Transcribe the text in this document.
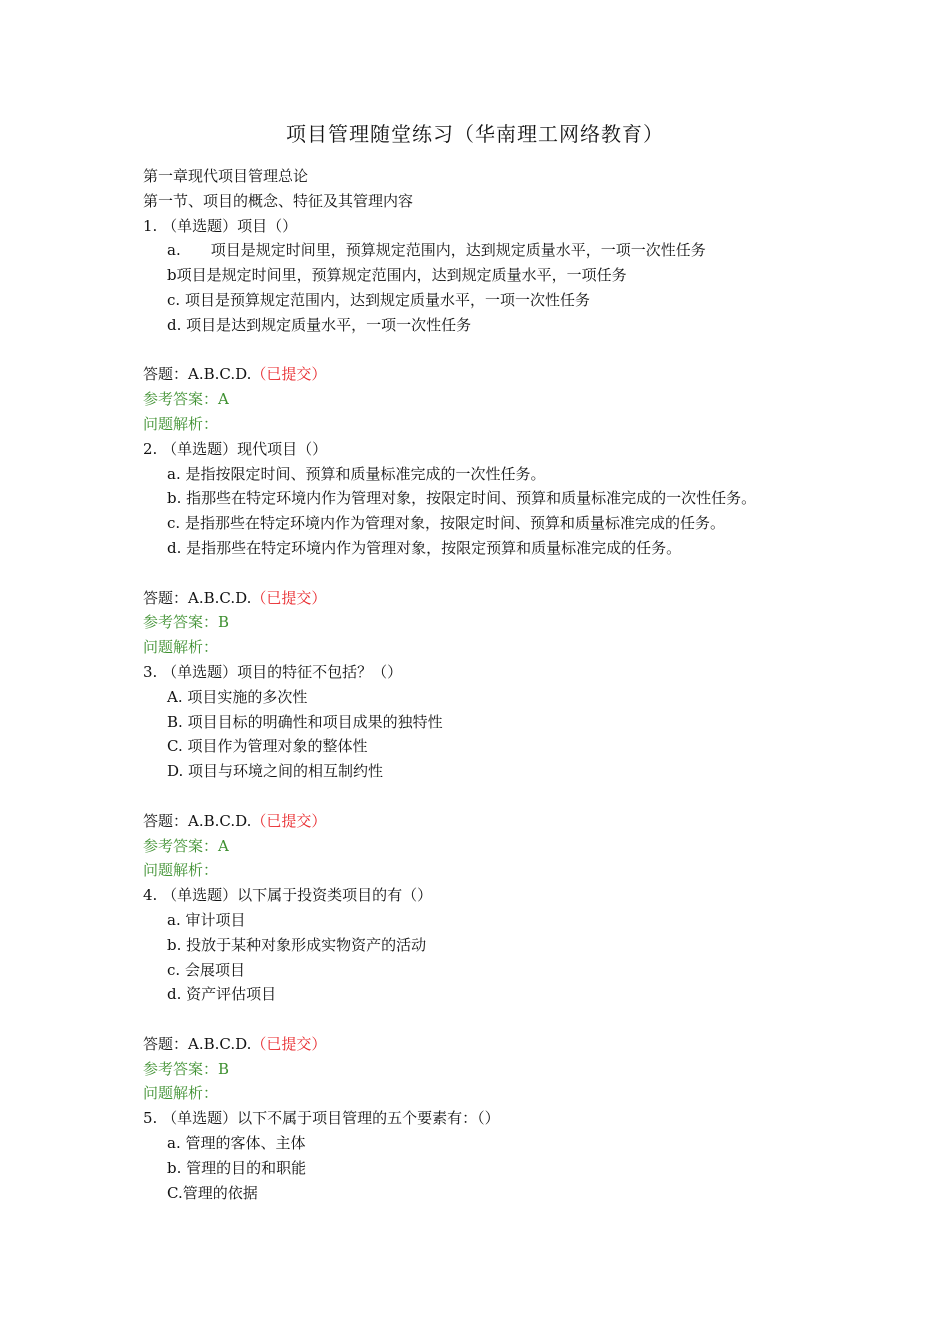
项目管理随堂练习（华南理工网络教育）
第一章现代项目管理总论
第一节、项目的概念、特征及其管理内容
1. （单选题）项目（）
a. 项目是规定时间里，预算规定范围内，达到规定质量水平，一项一次性任务
b项目是规定时间里，预算规定范围内，达到规定质量水平，一项任务
c. 项目是预算规定范围内，达到规定质量水平，一项一次性任务
d. 项目是达到规定质量水平，一项一次性任务
答题：A.B.C.D.（已提交）
参考答案：A
问题解析：
2. （单选题）现代项目（）
a. 是指按限定时间、预算和质量标准完成的一次性任务。
b. 指那些在特定环境内作为管理对象，按限定时间、预算和质量标准完成的一次性任务。
c. 是指那些在特定环境内作为管理对象，按限定时间、预算和质量标准完成的任务。
d. 是指那些在特定环境内作为管理对象，按限定预算和质量标准完成的任务。
答题：A.B.C.D.（已提交）
参考答案：B
问题解析：
3. （单选题）项目的特征不包括？（）
A. 项目实施的多次性
B. 项目目标的明确性和项目成果的独特性
C. 项目作为管理对象的整体性
D. 项目与环境之间的相互制约性
答题：A.B.C.D.（已提交）
参考答案：A
问题解析：
4. （单选题）以下属于投资类项目的有（）
a. 审计项目
b. 投放于某种对象形成实物资产的活动
c. 会展项目
d. 资产评估项目
答题：A.B.C.D.（已提交）
参考答案：B
问题解析：
5. （单选题）以下不属于项目管理的五个要素有：（）
a. 管理的客体、主体
b. 管理的目的和职能
C.管理的依据
